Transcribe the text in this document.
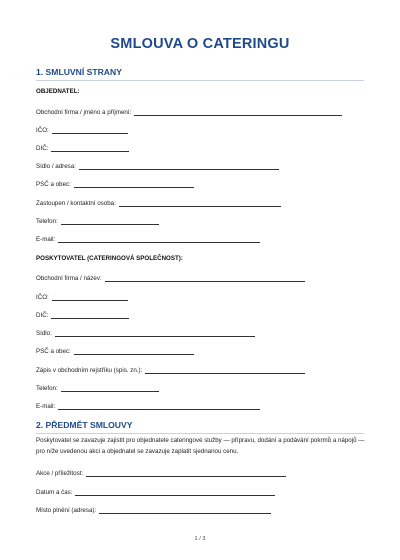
· · · · · · · · · · ·
SMLOUVA O CATERINGU
1. SMLUVNÍ STRANY
OBJEDNATEL:
Obchodní firma / jméno a příjmení:
IČO:
DIČ:
Sídlo / adresa:
PSČ a obec:
Zastoupen / kontaktní osoba:
Telefon:
E-mail:
POSKYTOVATEL (CATERINGOVÁ SPOLEČNOST):
Obchodní firma / název:
IČO:
DIČ:
Sídlo:
PSČ a obec:
Zápis v obchodním rejstříku (spis. zn.):
Telefon:
E-mail:
2. PŘEDMĚT SMLOUVY
Poskytovatel se zavazuje zajistit pro objednatele cateringové služby — přípravu, dodání a podávání pokrmů a nápojů — pro níže uvedenou akci a objednatel se zavazuje zaplatit sjednanou cenu.
Akce / příležitost:
Datum a čas:
Místo plnění (adresa):
1 / 3
